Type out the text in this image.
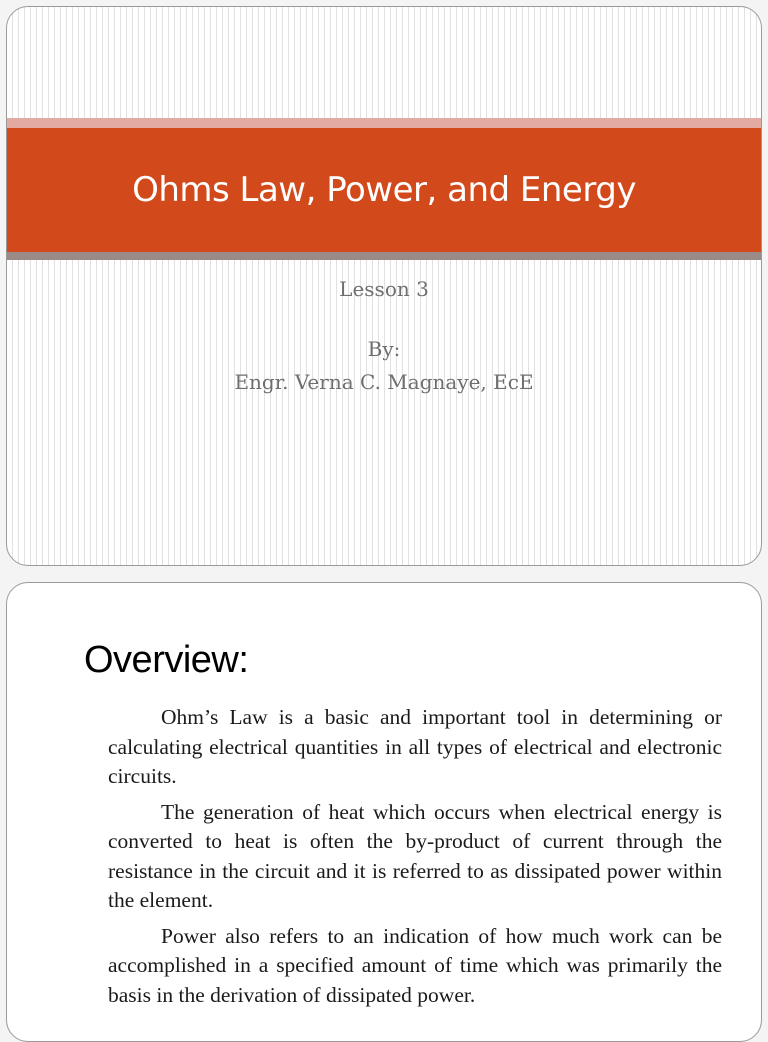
Ohms Law, Power, and Energy
Lesson 3
By:
Engr. Verna C. Magnaye, EcE
Overview:

Ohm’s Law is a basic and important tool in determining or calculating electrical quantities in all types of electrical and electronic circuits.

The generation of heat which occurs when electrical energy is converted to heat is often the by-product of current through the resistance in the circuit and it is referred to as dissipated power within the element.

Power also refers to an indication of how much work can be accomplished in a specified amount of time which was primarily the basis in the derivation of dissipated power.
